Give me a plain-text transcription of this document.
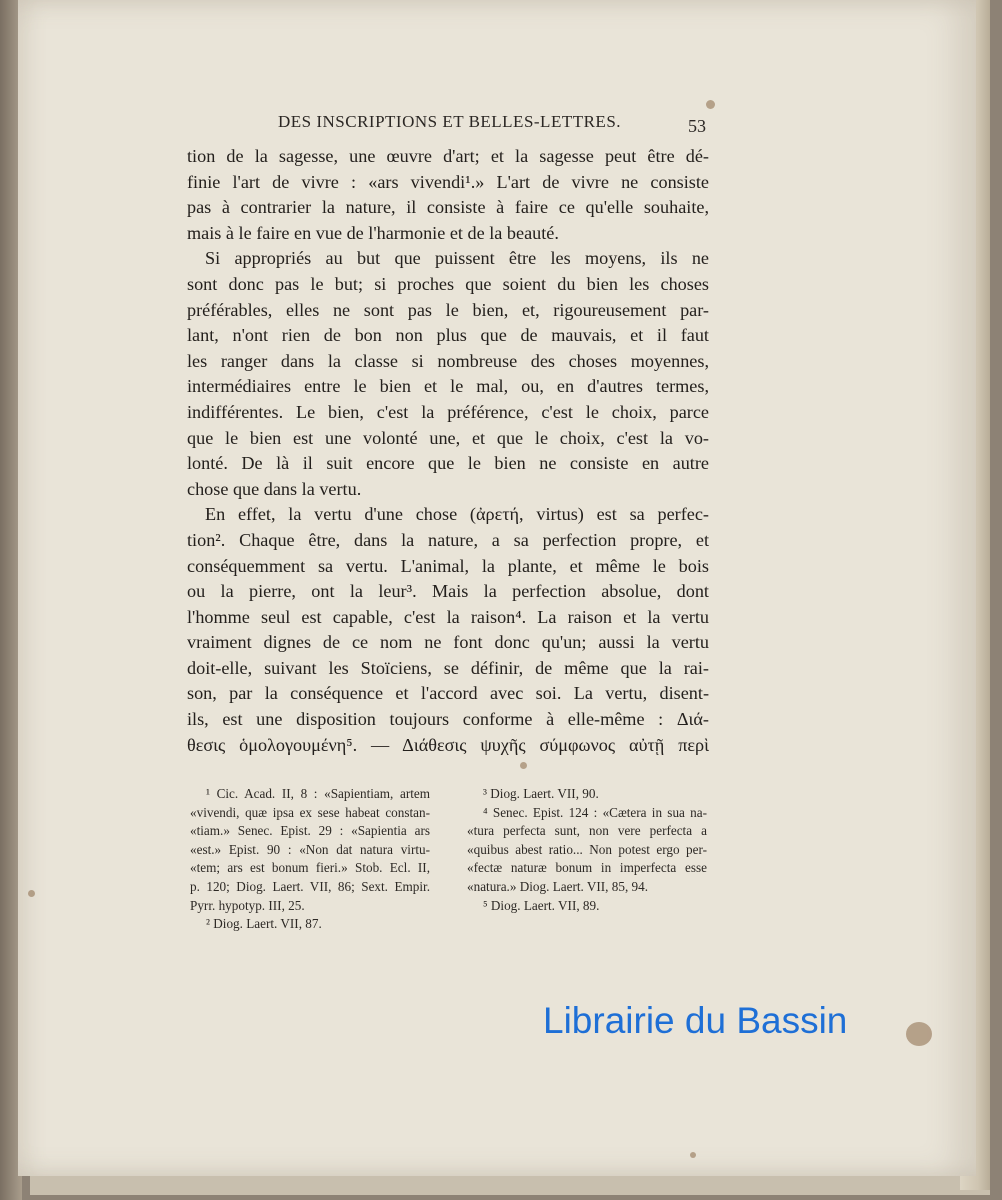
DES INSCRIPTIONS ET BELLES-LETTRES.	53
tion de la sagesse, une œuvre d'art; et la sagesse peut être dé-
finie l'art de vivre : «ars vivendi¹.» L'art de vivre ne consiste
pas à contrarier la nature, il consiste à faire ce qu'elle souhaite,
mais à le faire en vue de l'harmonie et de la beauté.
Si appropriés au but que puissent être les moyens, ils ne
sont donc pas le but; si proches que soient du bien les choses
préférables, elles ne sont pas le bien, et, rigoureusement par-
lant, n'ont rien de bon non plus que de mauvais, et il faut
les ranger dans la classe si nombreuse des choses moyennes,
intermédiaires entre le bien et le mal, ou, en d'autres termes,
indifférentes. Le bien, c'est la préférence, c'est le choix, parce
que le bien est une volonté une, et que le choix, c'est la vo-
lonté. De là il suit encore que le bien ne consiste en autre
chose que dans la vertu.
En effet, la vertu d'une chose (ἀρετή, virtus) est sa perfec-
tion². Chaque être, dans la nature, a sa perfection propre, et
conséquemment sa vertu. L'animal, la plante, et même le bois
ou la pierre, ont la leur³. Mais la perfection absolue, dont
l'homme seul est capable, c'est la raison⁴. La raison et la vertu
vraiment dignes de ce nom ne font donc qu'un; aussi la vertu
doit-elle, suivant les Stoïciens, se définir, de même que la rai-
son, par la conséquence et l'accord avec soi. La vertu, disent-
ils, est une disposition toujours conforme à elle-même : Διά-
θεσις ὁμολογουμένη⁵. — Διάθεσις ψυχῆς σύμφωνος αὐτῇ περὶ
¹ Cic. Acad. II, 8 : «Sapientiam, artem
«vivendi, quæ ipsa ex sese habeat constan-
«tiam.» Senec. Epist. 29 : «Sapientia ars
«est.» Epist. 90 : «Non dat natura virtu-
«tem; ars est bonum fieri.» Stob. Ecl. II,
p. 120; Diog. Laert. VII, 86; Sext. Empir.
Pyrr. hypotyp. III, 25.
² Diog. Laert. VII, 87.
³ Diog. Laert. VII, 90.
⁴ Senec. Epist. 124 : «Cætera in sua na-
«tura perfecta sunt, non vere perfecta a
«quibus abest ratio... Non potest ergo per-
«fectæ naturæ bonum in imperfecta esse
«natura.» Diog. Laert. VII, 85, 94.
⁵ Diog. Laert. VII, 89.
Librairie du Bassin
